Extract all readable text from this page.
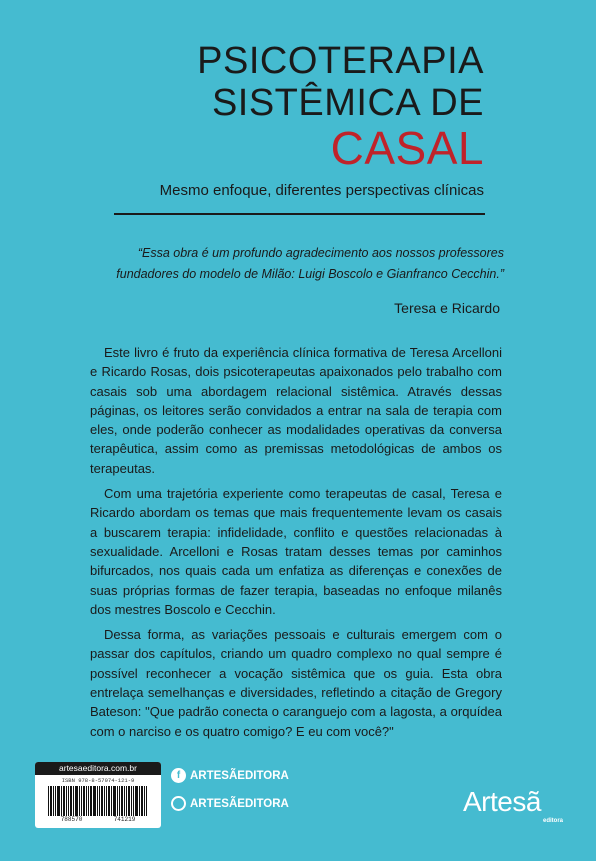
PSICOTERAPIA
SISTÊMICA DE
CASAL
Mesmo enfoque, diferentes perspectivas clínicas
“Essa obra é um profundo agradecimento aos nossos professores fundadores do modelo de Milão: Luigi Boscolo e Gianfranco Cecchin.”
Teresa e Ricardo

Este livro é fruto da experiência clínica formativa de Teresa Arcelloni e Ricardo Rosas, dois psicoterapeutas apaixonados pelo trabalho com casais sob uma abordagem relacional sistêmica. Através dessas páginas, os leitores serão convidados a entrar na sala de terapia com eles, onde poderão conhecer as modalidades operativas da conversa terapêutica, assim como as premissas metodológicas de ambos os terapeutas.

Com uma trajetória experiente como terapeutas de casal, Teresa e Ricardo abordam os temas que mais frequentemente levam os casais a buscarem terapia: infidelidade, conflito e questões relacionadas à sexualidade. Arcelloni e Rosas tratam desses temas por caminhos bifurcados, nos quais cada um enfatiza as diferenças e conexões de suas próprias formas de fazer terapia, baseadas no enfoque milanês dos mestres Boscolo e Cecchin.

Dessa forma, as variações pessoais e culturais emergem com o passar dos capítulos, criando um quadro complexo no qual sempre é possível reconhecer a vocação sistêmica que os guia. Esta obra entrelaça semelhanças e diversidades, refletindo a citação de Gregory Bateson: "Que padrão conecta o caranguejo com a lagosta, a orquídea com o narciso e os quatro comigo? E eu com você?"

artesaeditora.com.br
ISBN 978-8-57074-121-9
788570	741219
f ARTESÃEDITORA
ARTESÃEDITORA	Artesã
editora
